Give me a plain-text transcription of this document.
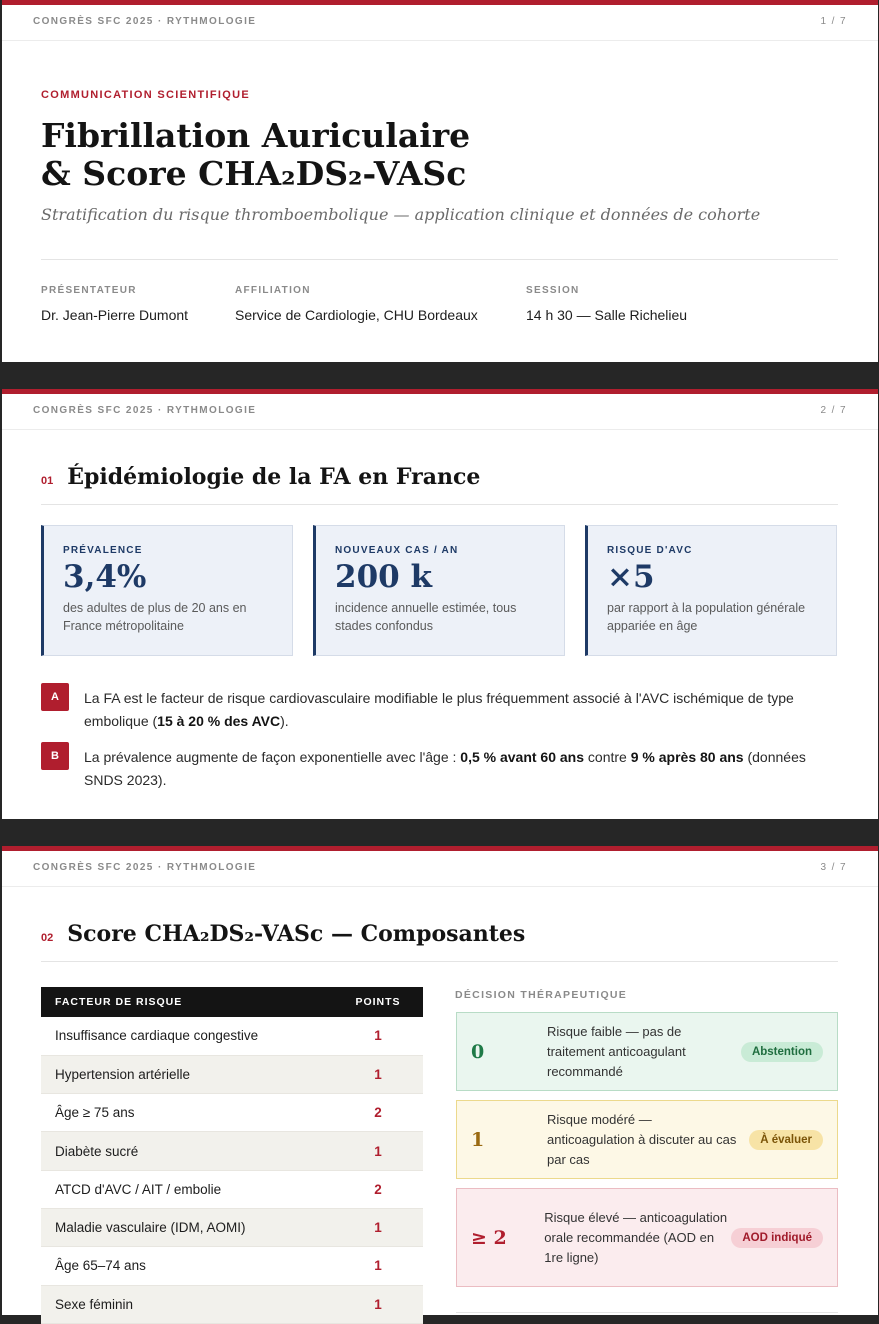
CONGRÈS SFC 2025 · RYTHMOLOGIE	1 / 7
COMMUNICATION SCIENTIFIQUE
Fibrillation Auriculaire
& Score CHA₂DS₂-VASc
Stratification du risque thromboembolique — application clinique et données de cohorte
PRÉSENTATEUR
Dr. Jean-Pierre Dumont
AFFILIATION
Service de Cardiologie, CHU Bordeaux
SESSION
14 h 30 — Salle Richelieu
CONGRÈS SFC 2025 · RYTHMOLOGIE	2 / 7
01 Épidémiologie de la FA en France
PRÉVALENCE
3,4%
des adultes de plus de 20 ans en France métropolitaine
NOUVEAUX CAS / AN
200 k
incidence annuelle estimée, tous stades confondus
RISQUE D'AVC
×5
par rapport à la population générale appariée en âge
A	La FA est le facteur de risque cardiovasculaire modifiable le plus fréquemment associé à l'AVC ischémique de type embolique (15 à 20 % des AVC).
B	La prévalence augmente de façon exponentielle avec l'âge : 0,5 % avant 60 ans contre 9 % après 80 ans (données SNDS 2023).
CONGRÈS SFC 2025 · RYTHMOLOGIE	3 / 7
02 Score CHA₂DS₂-VASc — Composantes
FACTEUR DE RISQUE	POINTS
Insuffisance cardiaque congestive	1
Hypertension artérielle	1
Âge ≥ 75 ans	2
Diabète sucré	1
ATCD d'AVC / AIT / embolie	2
Maladie vasculaire (IDM, AOMI)	1
Âge 65–74 ans	1
Sexe féminin	1
DÉCISION THÉRAPEUTIQUE
0
Risque faible — pas de traitement anticoagulant recommandé
Abstention
1
Risque modéré — anticoagulation à discuter au cas par cas
À évaluer
≥ 2
Risque élevé — anticoagulation orale recommandée (AOD en 1re ligne)
AOD indiqué
